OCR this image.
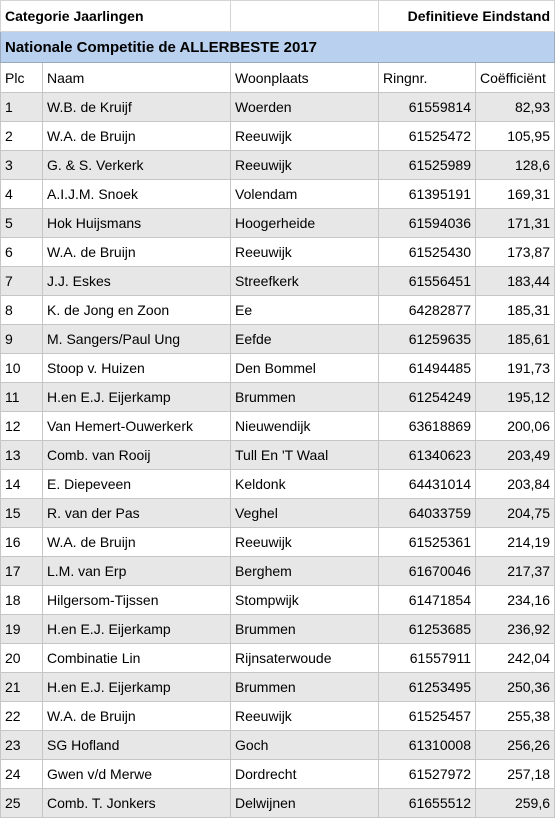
Categorie Jaarlingen			Definitieve Eindstand	
Nationale Competitie de ALLERBESTE 2017				
Plc	Naam	Woonplaats	Ringnr.	Coëfficiënt
1	W.B. de Kruijf	Woerden	61559814	82,93
2	W.A. de Bruijn	Reeuwijk	61525472	105,95
3	G. & S. Verkerk	Reeuwijk	61525989	128,6
4	A.I.J.M. Snoek	Volendam	61395191	169,31
5	Hok Huijsmans	Hoogerheide	61594036	171,31
6	W.A. de Bruijn	Reeuwijk	61525430	173,87
7	J.J. Eskes	Streefkerk	61556451	183,44
8	K. de Jong en Zoon	Ee	64282877	185,31
9	M. Sangers/Paul Ung	Eefde	61259635	185,61
10	Stoop v. Huizen	Den Bommel	61494485	191,73
11	H.en E.J. Eijerkamp	Brummen	61254249	195,12
12	Van Hemert-Ouwerkerk	Nieuwendijk	63618869	200,06
13	Comb. van Rooij	Tull En 'T Waal	61340623	203,49
14	E. Diepeveen	Keldonk	64431014	203,84
15	R. van der Pas	Veghel	64033759	204,75
16	W.A. de Bruijn	Reeuwijk	61525361	214,19
17	L.M. van Erp	Berghem	61670046	217,37
18	Hilgersom-Tijssen	Stompwijk	61471854	234,16
19	H.en E.J. Eijerkamp	Brummen	61253685	236,92
20	Combinatie Lin	Rijnsaterwoude	61557911	242,04
21	H.en E.J. Eijerkamp	Brummen	61253495	250,36
22	W.A. de Bruijn	Reeuwijk	61525457	255,38
23	SG Hofland	Goch	61310008	256,26
24	Gwen v/d Merwe	Dordrecht	61527972	257,18
25	Comb. T. Jonkers	Delwijnen	61655512	259,6
